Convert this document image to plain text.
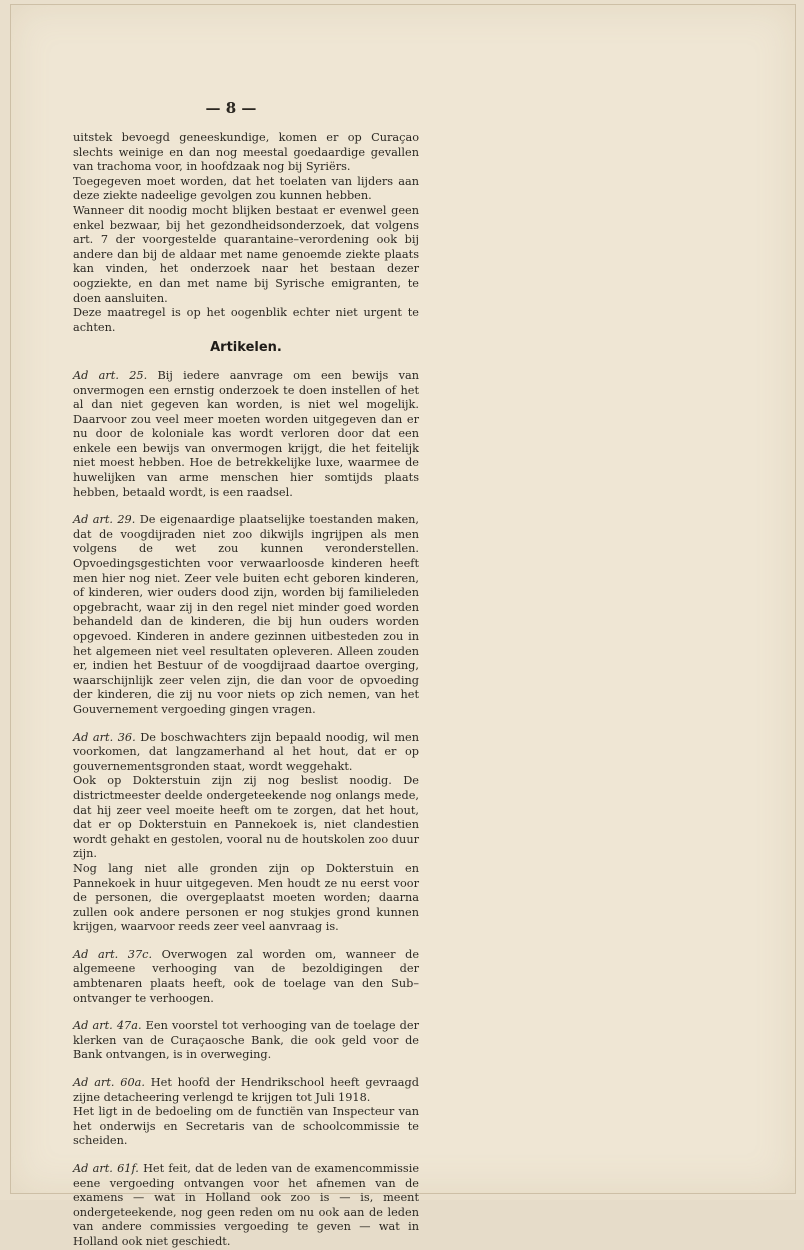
— 8 —

uitstek bevoegd geneeskundige, komen er op Curaçao slechts weinige en dan nog meestal goedaardige gevallen van trachoma voor, in hoofdzaak nog bij Syriërs.

Toegegeven moet worden, dat het toelaten van lijders aan deze ziekte nadeelige gevolgen zou kunnen hebben.

Wanneer dit noodig mocht blijken bestaat er evenwel geen enkel bezwaar, bij het gezondheidsonderzoek, dat volgens art. 7 der voorgestelde quarantaine–verordening ook bij andere dan bij de aldaar met name genoemde ziekte plaats kan vinden, het onderzoek naar het bestaan dezer oogziekte, en dan met name bij Syrische emigranten, te doen aansluiten.

Deze maatregel is op het oogenblik echter niet urgent te achten.

Artikelen.

Ad art. 25. Bij iedere aanvrage om een bewijs van onvermogen een ernstig onderzoek te doen instellen of het al dan niet gegeven kan worden, is niet wel mogelijk. Daarvoor zou veel meer moeten worden uitgegeven dan er nu door de koloniale kas wordt verloren door dat een enkele een bewijs van onvermogen krijgt, die het feitelijk niet moest hebben. Hoe de betrekkelijke luxe, waarmee de huwelijken van arme menschen hier somtijds plaats hebben, betaald wordt, is een raadsel.

Ad art. 29. De eigenaardige plaatselijke toestanden maken, dat de voogdijraden niet zoo dikwijls ingrijpen als men volgens de wet zou kunnen veronderstellen. Opvoedingsgestichten voor verwaarloosde kinderen heeft men hier nog niet. Zeer vele buiten echt geboren kinderen, of kinderen, wier ouders dood zijn, worden bij familieleden opgebracht, waar zij in den regel niet minder goed worden behandeld dan de kinderen, die bij hun ouders worden opgevoed. Kinderen in andere gezinnen uitbesteden zou in het algemeen niet veel resultaten opleveren. Alleen zouden er, indien het Bestuur of de voogdijraad daartoe overging, waarschijnlijk zeer velen zijn, die dan voor de opvoeding der kinderen, die zij nu voor niets op zich nemen, van het Gouvernement vergoeding gingen vragen.

Ad art. 36. De boschwachters zijn bepaald noodig, wil men voorkomen, dat langzamerhand al het hout, dat er op gouvernementsgronden staat, wordt weggehakt.

Ook op Dokterstuin zijn zij nog beslist noodig. De districtmeester deelde ondergeteekende nog onlangs mede, dat hij zeer veel moeite heeft om te zorgen, dat het hout, dat er op Dokterstuin en Pannekoek is, niet clandestien wordt gehakt en gestolen, vooral nu de houtskolen zoo duur zijn.

Nog lang niet alle gronden zijn op Dokterstuin en Pannekoek in huur uitgegeven. Men houdt ze nu eerst voor de personen, die overgeplaatst moeten worden; daarna zullen ook andere personen er nog stukjes grond kunnen krijgen, waarvoor reeds zeer veel aanvraag is.

Ad art. 37c. Overwogen zal worden om, wanneer de algemeene verhooging van de bezoldigingen der ambtenaren plaats heeft, ook de toelage van den Sub–ontvanger te verhoogen.

Ad art. 47a. Een voorstel tot verhooging van de toelage der klerken van de Curaçaosche Bank, die ook geld voor de Bank ontvangen, is in overweging.

Ad art. 60a. Het hoofd der Hendrikschool heeft gevraagd zijne detacheering verlengd te krijgen tot Juli 1918.

Het ligt in de bedoeling om de functiën van Inspecteur van het onderwijs en Secretaris van de schoolcommissie te scheiden.

Ad art. 61f. Het feit, dat de leden van de examencommissie eene vergoeding ontvangen voor het afnemen van de examens — wat in Holland ook zoo is — is, meent ondergeteekende, nog geen reden om nu ook aan de leden van andere commissies vergoeding te geven — wat in Holland ook niet geschiedt.
